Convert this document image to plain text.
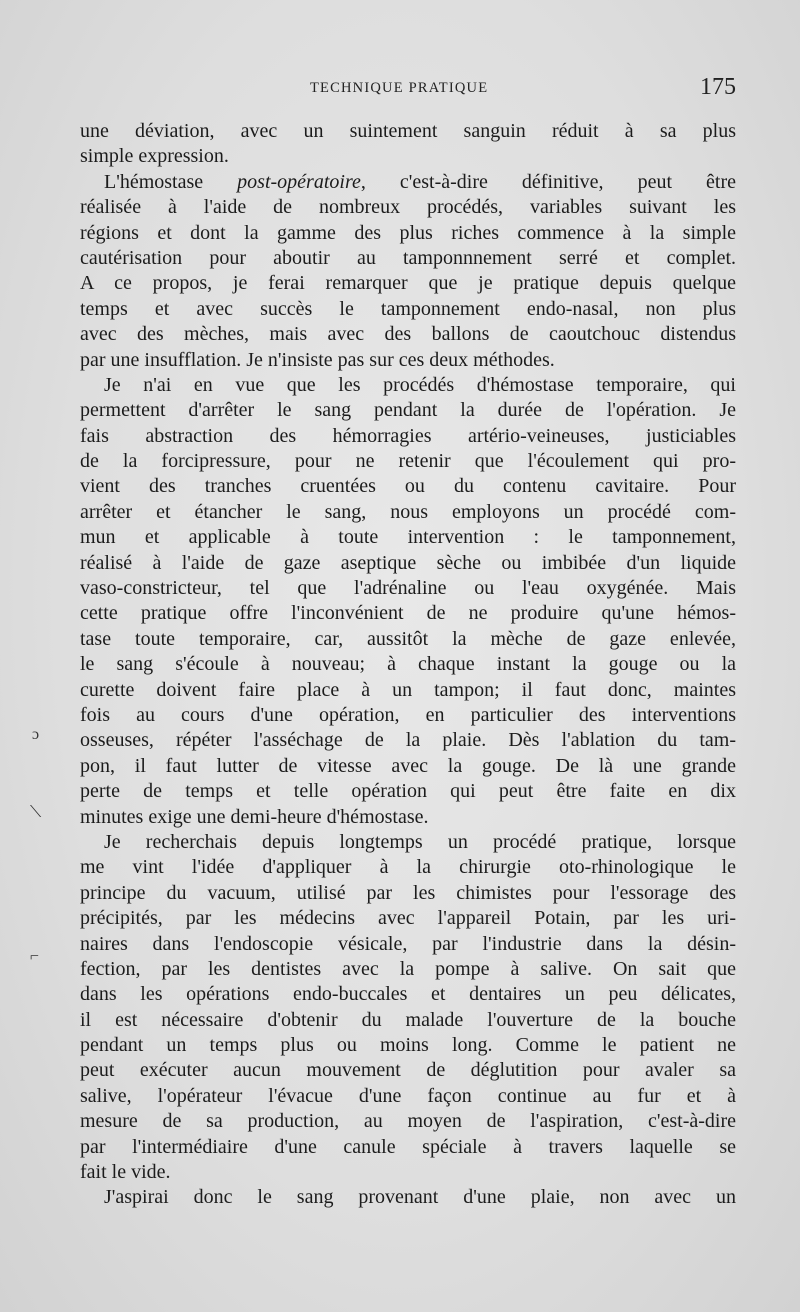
TECHNIQUE PRATIQUE	175
une déviation, avec un suintement sanguin réduit à sa plus
simple expression.
L'hémostase post-opératoire, c'est-à-dire définitive, peut être
réalisée à l'aide de nombreux procédés, variables suivant les
régions et dont la gamme des plus riches commence à la simple
cautérisation pour aboutir au tamponnnement serré et complet.
A ce propos, je ferai remarquer que je pratique depuis quelque
temps et avec succès le tamponnement endo-nasal, non plus
avec des mèches, mais avec des ballons de caoutchouc distendus
par une insufflation. Je n'insiste pas sur ces deux méthodes.
Je n'ai en vue que les procédés d'hémostase temporaire, qui
permettent d'arrêter le sang pendant la durée de l'opération. Je
fais abstraction des hémorragies artério-veineuses, justiciables
de la forcipressure, pour ne retenir que l'écoulement qui pro-
vient des tranches cruentées ou du contenu cavitaire. Pour
arrêter et étancher le sang, nous employons un procédé com-
mun et applicable à toute intervention : le tamponnement,
réalisé à l'aide de gaze aseptique sèche ou imbibée d'un liquide
vaso-constricteur, tel que l'adrénaline ou l'eau oxygénée. Mais
cette pratique offre l'inconvénient de ne produire qu'une hémos-
tase toute temporaire, car, aussitôt la mèche de gaze enlevée,
le sang s'écoule à nouveau; à chaque instant la gouge ou la
curette doivent faire place à un tampon; il faut donc, maintes
fois au cours d'une opération, en particulier des interventions
osseuses, répéter l'asséchage de la plaie. Dès l'ablation du tam-
pon, il faut lutter de vitesse avec la gouge. De là une grande
perte de temps et telle opération qui peut être faite en dix
minutes exige une demi-heure d'hémostase.
Je recherchais depuis longtemps un procédé pratique, lorsque
me vint l'idée d'appliquer à la chirurgie oto-rhinologique le
principe du vacuum, utilisé par les chimistes pour l'essorage des
précipités, par les médecins avec l'appareil Potain, par les uri-
naires dans l'endoscopie vésicale, par l'industrie dans la désin-
fection, par les dentistes avec la pompe à salive. On sait que
dans les opérations endo-buccales et dentaires un peu délicates,
il est nécessaire d'obtenir du malade l'ouverture de la bouche
pendant un temps plus ou moins long. Comme le patient ne
peut exécuter aucun mouvement de déglutition pour avaler sa
salive, l'opérateur l'évacue d'une façon continue au fur et à
mesure de sa production, au moyen de l'aspiration, c'est-à-dire
par l'intermédiaire d'une canule spéciale à travers laquelle se
fait le vide.
J'aspirai donc le sang provenant d'une plaie, non avec un
ɔ
⟍
⌐
